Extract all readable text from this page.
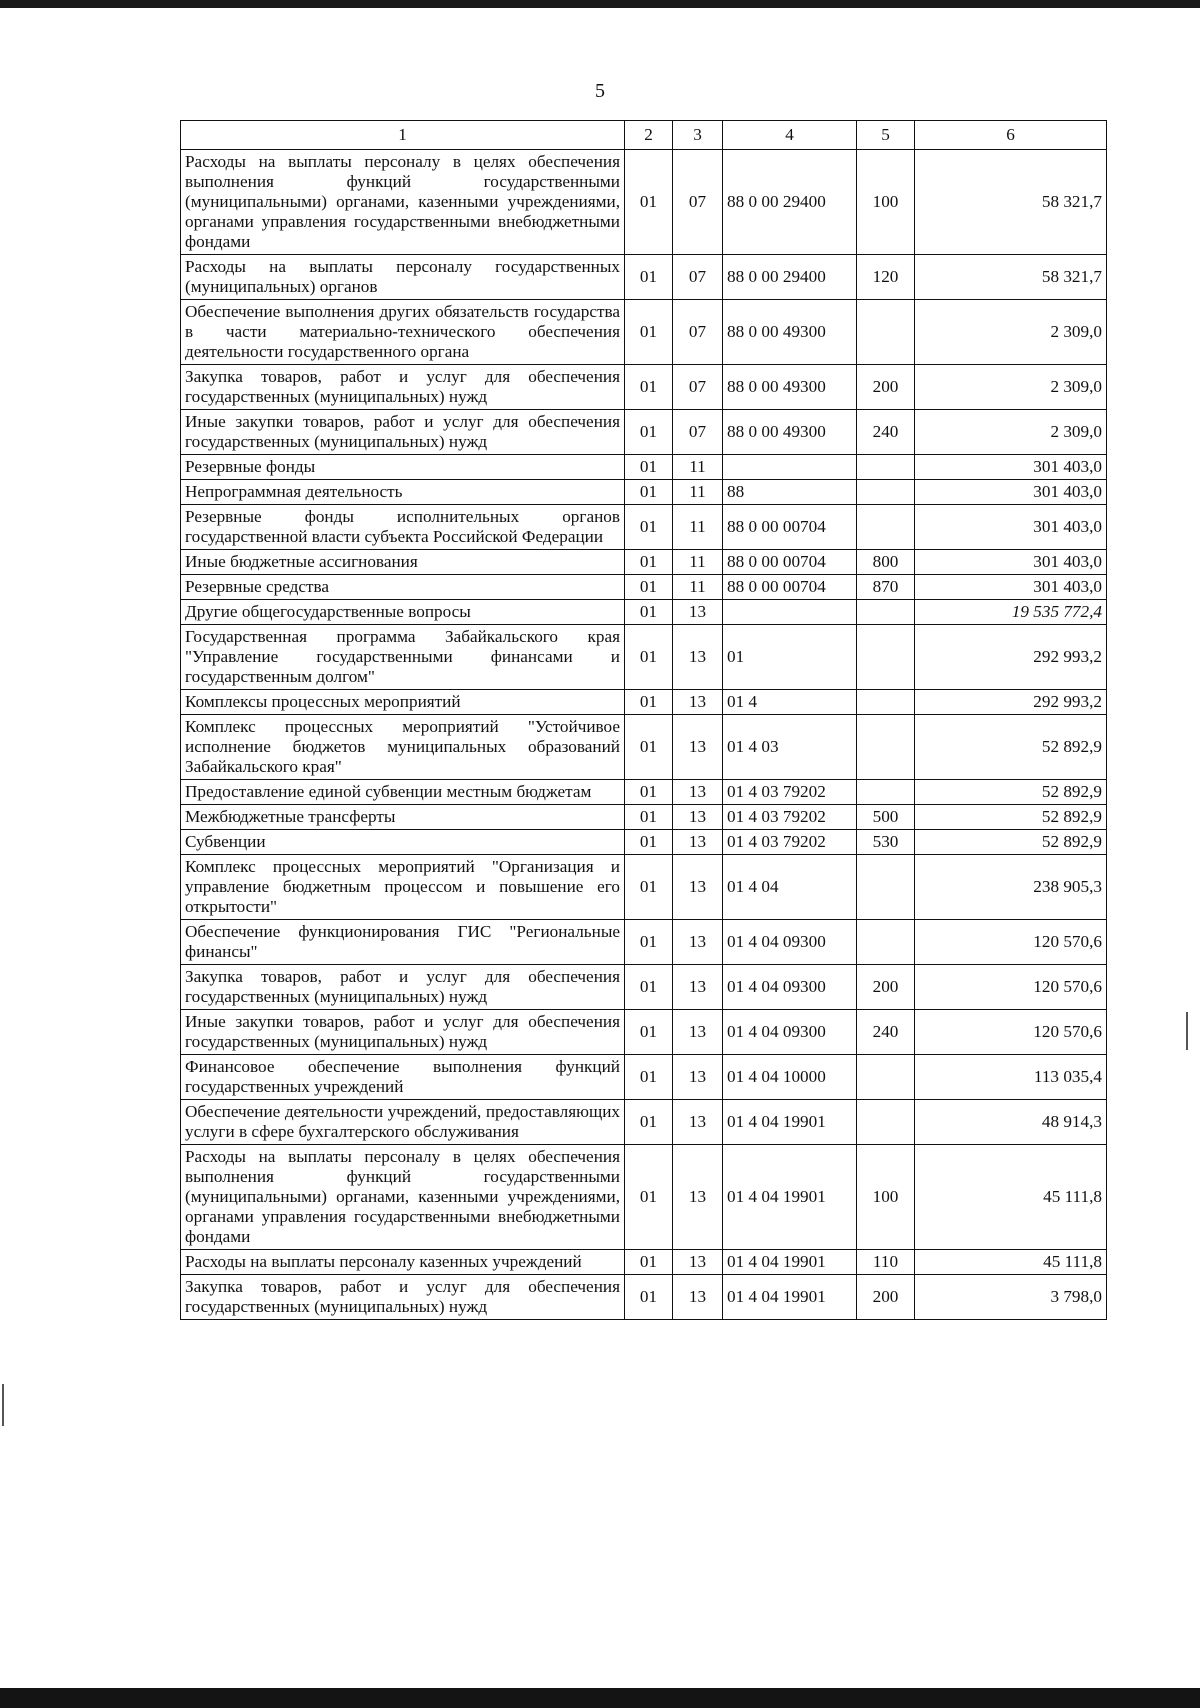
5
1	2	3	4	5	6
Расходы на выплаты персоналу в целях обеспечения выполнения функций государственными (муниципальными) органами, казенными учреждениями, органами управления государственными внебюджетными фондами	01	07	88 0 00 29400	100	58 321,7
Расходы на выплаты персоналу государственных (муниципальных) органов	01	07	88 0 00 29400	120	58 321,7
Обеспечение выполнения других обязательств государства в части материально-технического обеспечения деятельности государственного органа	01	07	88 0 00 49300		2 309,0
Закупка товаров, работ и услуг для обеспечения государственных (муниципальных) нужд	01	07	88 0 00 49300	200	2 309,0
Иные закупки товаров, работ и услуг для обеспечения государственных (муниципальных) нужд	01	07	88 0 00 49300	240	2 309,0
Резервные фонды	01	11			301 403,0
Непрограммная деятельность	01	11	88		301 403,0
Резервные фонды исполнительных органов государственной власти субъекта Российской Федерации	01	11	88 0 00 00704		301 403,0
Иные бюджетные ассигнования	01	11	88 0 00 00704	800	301 403,0
Резервные средства	01	11	88 0 00 00704	870	301 403,0
Другие общегосударственные вопросы	01	13			19 535 772,4
Государственная программа Забайкальского края "Управление государственными финансами и государственным долгом"	01	13	01		292 993,2
Комплексы процессных мероприятий	01	13	01 4		292 993,2
Комплекс процессных мероприятий "Устойчивое исполнение бюджетов муниципальных образований Забайкальского края"	01	13	01 4 03		52 892,9
Предоставление единой субвенции местным бюджетам	01	13	01 4 03 79202		52 892,9
Межбюджетные трансферты	01	13	01 4 03 79202	500	52 892,9
Субвенции	01	13	01 4 03 79202	530	52 892,9
Комплекс процессных мероприятий "Организация и управление бюджетным процессом и повышение его открытости"	01	13	01 4 04		238 905,3
Обеспечение функционирования ГИС "Региональные финансы"	01	13	01 4 04 09300		120 570,6
Закупка товаров, работ и услуг для обеспечения государственных (муниципальных) нужд	01	13	01 4 04 09300	200	120 570,6
Иные закупки товаров, работ и услуг для обеспечения государственных (муниципальных) нужд	01	13	01 4 04 09300	240	120 570,6
Финансовое обеспечение выполнения функций государственных учреждений	01	13	01 4 04 10000		113 035,4
Обеспечение деятельности учреждений, предоставляющих услуги в сфере бухгалтерского обслуживания	01	13	01 4 04 19901		48 914,3
Расходы на выплаты персоналу в целях обеспечения выполнения функций государственными (муниципальными) органами, казенными учреждениями, органами управления государственными внебюджетными фондами	01	13	01 4 04 19901	100	45 111,8
Расходы на выплаты персоналу казенных учреждений	01	13	01 4 04 19901	110	45 111,8
Закупка товаров, работ и услуг для обеспечения государственных (муниципальных) нужд	01	13	01 4 04 19901	200	3 798,0
